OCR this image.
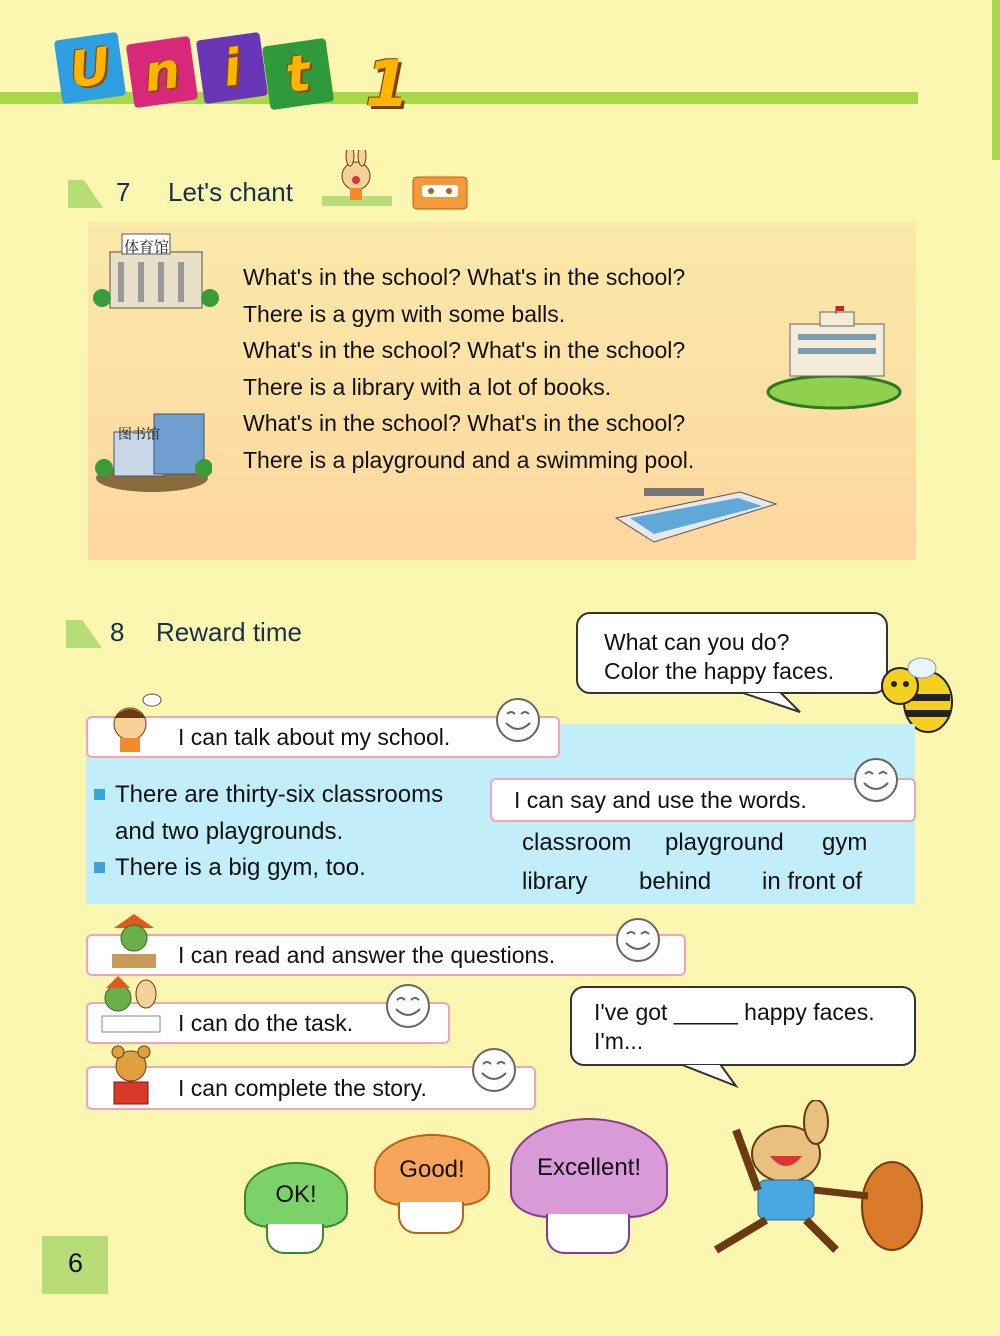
U n i t 1
7 Let's chant
体育馆
图书馆
What's in the school? What's in the school?
There is a gym with some balls.
What's in the school? What's in the school?
There is a library with a lot of books.
What's in the school? What's in the school?
There is a playground and a swimming pool.
8 Reward time	What can you do?
Color the happy faces.
I can talk about my school.
There are thirty-six classrooms
and two playgrounds.
There is a big gym, too.
I can say and use the words.
classroom playground gym
library behind in front of
I can read and answer the questions.
I can do the task.
I can complete the story.
I've got _____ happy faces.
I'm...
OK!
Good!	Excellent!
6
